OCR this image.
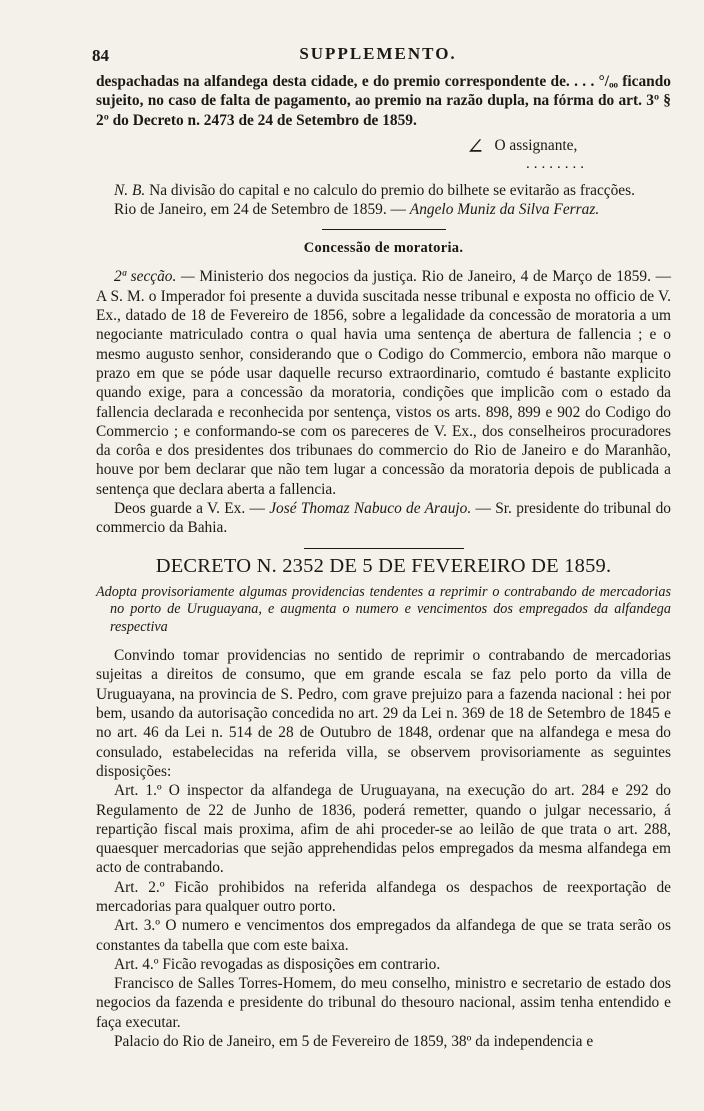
84	SUPPLEMENTO.

despachadas na alfandega desta cidade, e do premio correspondente de. . . . °/ₒₒ ficando sujeito, no caso de falta de pagamento, ao premio na razão dupla, na fórma do art. 3º § 2º do Decreto n. 2473 de 24 de Setembro de 1859.

∠ O assignante,
........

N. B. Na divisão do capital e no calculo do premio do bilhete se evitarão as fracções.

Rio de Janeiro, em 24 de Setembro de 1859. — Angelo Muniz da Silva Ferraz.

Concessão de moratoria.

2ª secção. — Ministerio dos negocios da justiça. Rio de Janeiro, 4 de Março de 1859. — A S. M. o Imperador foi presente a duvida suscitada nesse tribunal e exposta no officio de V. Ex., datado de 18 de Fevereiro de 1856, sobre a legalidade da concessão de moratoria a um negociante matriculado contra o qual havia uma sentença de abertura de fallencia ; e o mesmo augusto senhor, considerando que o Codigo do Commercio, embora não marque o prazo em que se póde usar daquelle recurso extraordinario, comtudo é bastante explicito quando exige, para a concessão da moratoria, condições que implicão com o estado da fallencia declarada e reconhecida por sentença, vistos os arts. 898, 899 e 902 do Codigo do Commercio ; e conformando-se com os pareceres de V. Ex., dos conselheiros procuradores da corôa e dos presidentes dos tribunaes do commercio do Rio de Janeiro e do Maranhão, houve por bem declarar que não tem lugar a concessão da moratoria depois de publicada a sentença que declara aberta a fallencia.

Deos guarde a V. Ex. — José Thomaz Nabuco de Araujo. — Sr. presidente do tribunal do commercio da Bahia.

DECRETO N. 2352 DE 5 DE FEVEREIRO DE 1859.

Adopta provisoriamente algumas providencias tendentes a reprimir o contrabando de mercadorias no porto de Uruguayana, e augmenta o numero e vencimentos dos empregados da alfandega respectiva

Convindo tomar providencias no sentido de reprimir o contrabando de mercadorias sujeitas a direitos de consumo, que em grande escala se faz pelo porto da villa de Uruguayana, na provincia de S. Pedro, com grave prejuizo para a fazenda nacional : hei por bem, usando da autorisação concedida no art. 29 da Lei n. 369 de 18 de Setembro de 1845 e no art. 46 da Lei n. 514 de 28 de Outubro de 1848, ordenar que na alfandega e mesa do consulado, estabelecidas na referida villa, se observem provisoriamente as seguintes disposições:

Art. 1.º O inspector da alfandega de Uruguayana, na execução do art. 284 e 292 do Regulamento de 22 de Junho de 1836, poderá remetter, quando o julgar necessario, á repartição fiscal mais proxima, afim de ahi proceder-se ao leilão de que trata o art. 288, quaesquer mercadorias que sejão apprehendidas pelos empregados da mesma alfandega em acto de contrabando.

Art. 2.º Ficão prohibidos na referida alfandega os despachos de reexportação de mercadorias para qualquer outro porto.

Art. 3.º O numero e vencimentos dos empregados da alfandega de que se trata serão os constantes da tabella que com este baixa.

Art. 4.º Ficão revogadas as disposições em contrario.

Francisco de Salles Torres-Homem, do meu conselho, ministro e secretario de estado dos negocios da fazenda e presidente do tribunal do thesouro nacional, assim tenha entendido e faça executar.

Palacio do Rio de Janeiro, em 5 de Fevereiro de 1859, 38º da independencia e
